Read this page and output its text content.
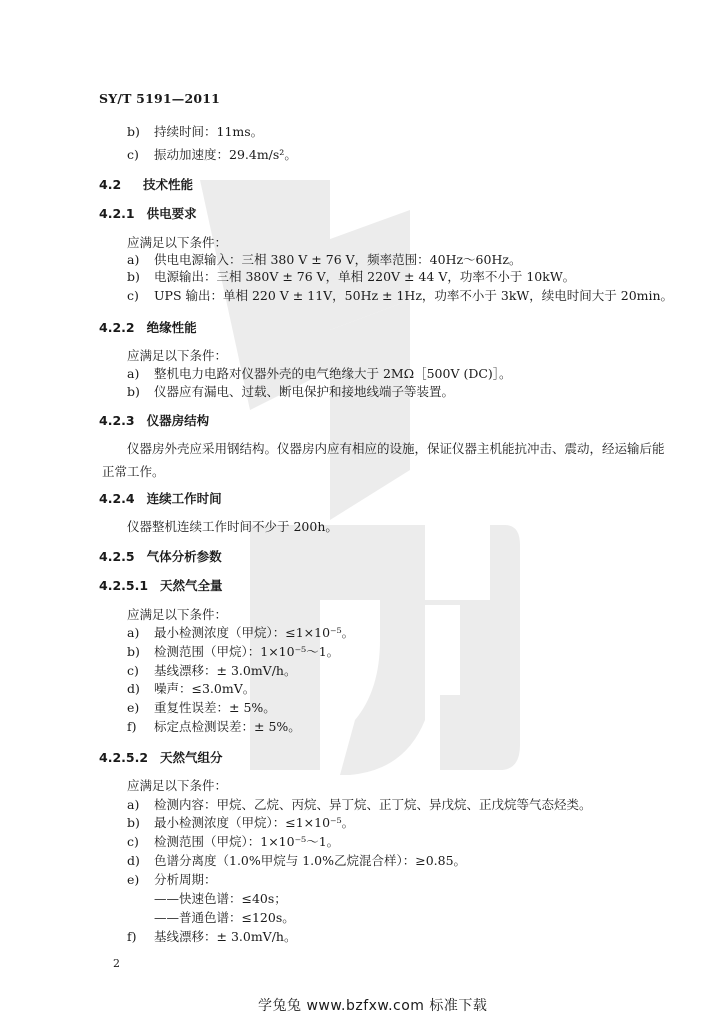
SY/T 5191—2011
b) 持续时间：11ms。
c) 振动加速度：29.4m/s²。
4.2 技术性能
4.2.1 供电要求
应满足以下条件：
a) 供电电源输入：三相 380 V ± 76 V，频率范围：40Hz～60Hz。
b) 电源输出：三相 380V ± 76 V，单相 220V ± 44 V，功率不小于 10kW。
c) UPS 输出：单相 220 V ± 11V，50Hz ± 1Hz，功率不小于 3kW，续电时间大于 20min。
4.2.2 绝缘性能
应满足以下条件：
a) 整机电力电路对仪器外壳的电气绝缘大于 2MΩ［500V (DC)］。
b) 仪器应有漏电、过载、断电保护和接地线端子等装置。
4.2.3 仪器房结构
仪器房外壳应采用钢结构。仪器房内应有相应的设施，保证仪器主机能抗冲击、震动，经运输后能正常工作。
4.2.4 连续工作时间
仪器整机连续工作时间不少于 200h。
4.2.5 气体分析参数
4.2.5.1 天然气全量
应满足以下条件：
a) 最小检测浓度（甲烷）：≤1×10⁻⁵。
b) 检测范围（甲烷）：1×10⁻⁵～1。
c) 基线漂移：± 3.0mV/h。
d) 噪声：≤3.0mV。
e) 重复性误差：± 5%。
f) 标定点检测误差：± 5%。
4.2.5.2 天然气组分
应满足以下条件：
a) 检测内容：甲烷、乙烷、丙烷、异丁烷、正丁烷、异戊烷、正戊烷等气态烃类。
b) 最小检测浓度（甲烷）：≤1×10⁻⁵。
c) 检测范围（甲烷）：1×10⁻⁵～1。
d) 色谱分离度（1.0%甲烷与 1.0%乙烷混合样）：≥0.85。
e) 分析周期：
——快速色谱：≤40s；
——普通色谱：≤120s。
f) 基线漂移：± 3.0mV/h。
2
学兔兔 www.bzfxw.com 标准下载
